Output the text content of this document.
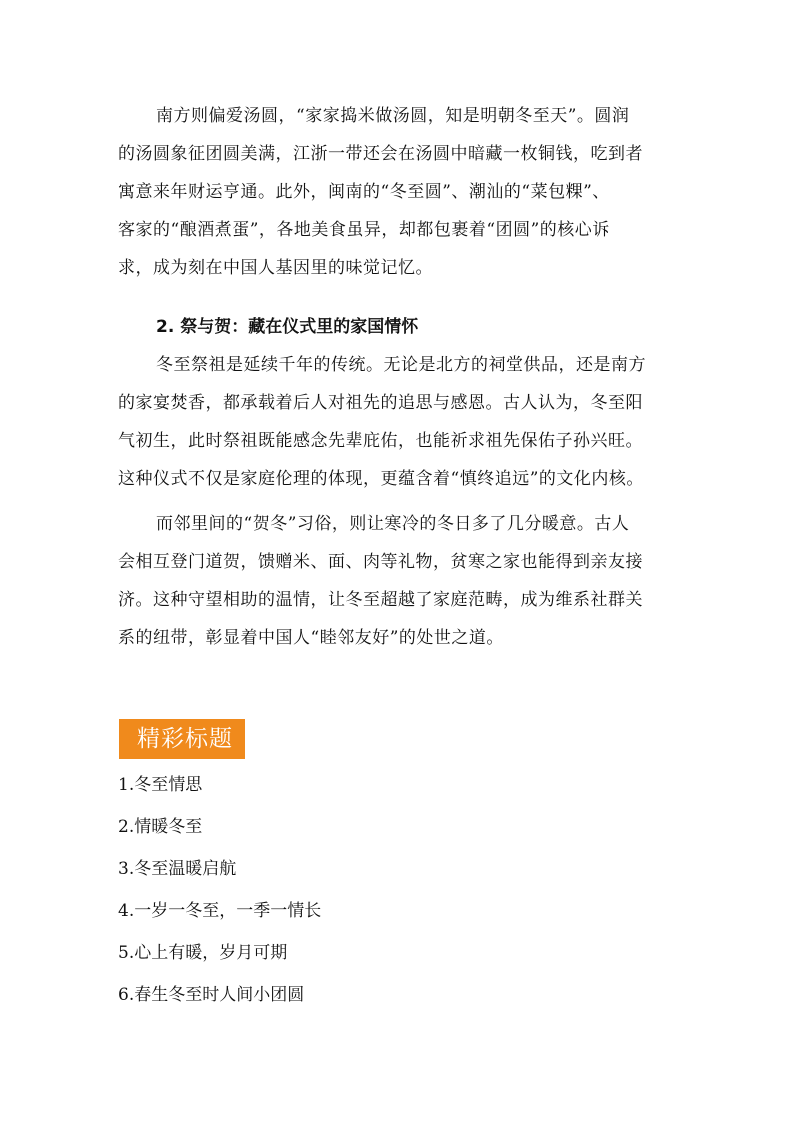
南方则偏爱汤圆，“家家捣米做汤圆，知是明朝冬至天”。圆润
的汤圆象征团圆美满，江浙一带还会在汤圆中暗藏一枚铜钱，吃到者
寓意来年财运亨通。此外，闽南的“冬至圆”、潮汕的“菜包粿”、
客家的“酿酒煮蛋”，各地美食虽异，却都包裹着“团圆”的核心诉
求，成为刻在中国人基因里的味觉记忆。
2. 祭与贺：藏在仪式里的家国情怀
冬至祭祖是延续千年的传统。无论是北方的祠堂供品，还是南方
的家宴焚香，都承载着后人对祖先的追思与感恩。古人认为，冬至阳
气初生，此时祭祖既能感念先辈庇佑，也能祈求祖先保佑子孙兴旺。
这种仪式不仅是家庭伦理的体现，更蕴含着“慎终追远”的文化内核。
而邻里间的“贺冬”习俗，则让寒冷的冬日多了几分暖意。古人
会相互登门道贺，馈赠米、面、肉等礼物，贫寒之家也能得到亲友接
济。这种守望相助的温情，让冬至超越了家庭范畴，成为维系社群关
系的纽带，彰显着中国人“睦邻友好”的处世之道。
精彩标题
1.冬至情思
2.情暖冬至
3.冬至温暖启航
4.一岁一冬至，一季一情长
5.心上有暖，岁月可期
6.春生冬至时人间小团圆
